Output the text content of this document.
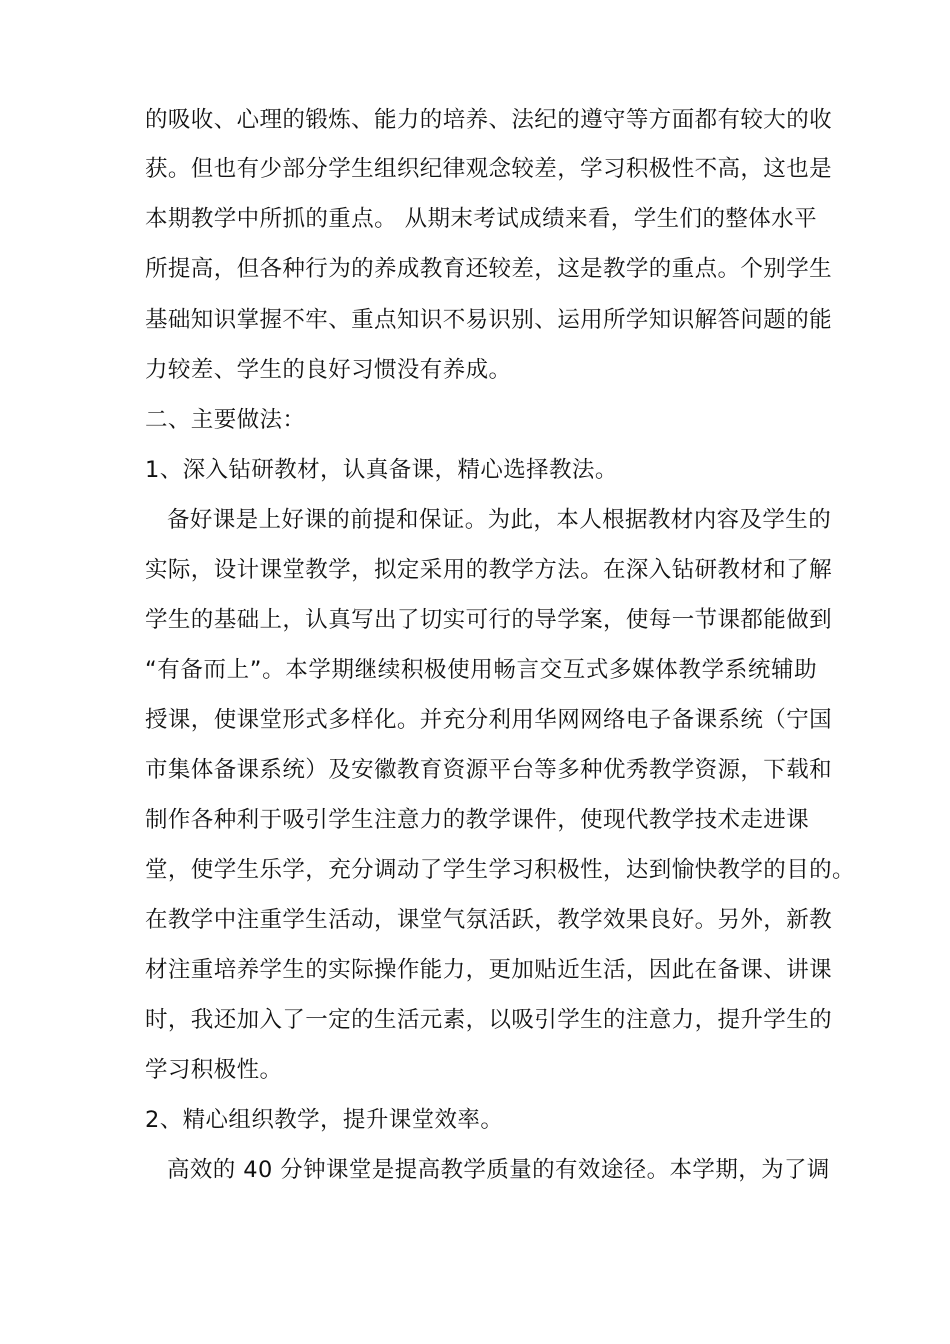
的吸收、心理的锻炼、能力的培养、法纪的遵守等方面都有较大的收
获。但也有少部分学生组织纪律观念较差，学习积极性不高，这也是
本期教学中所抓的重点。 从期末考试成绩来看，学生们的整体水平
所提高，但各种行为的养成教育还较差，这是教学的重点。个别学生
基础知识掌握不牢、重点知识不易识别、运用所学知识解答问题的能
力较差、学生的良好习惯没有养成。
二、主要做法：
1、深入钻研教材，认真备课，精心选择教法。
备好课是上好课的前提和保证。为此，本人根据教材内容及学生的
实际，设计课堂教学，拟定采用的教学方法。在深入钻研教材和了解
学生的基础上，认真写出了切实可行的导学案，使每一节课都能做到
“有备而上”。本学期继续积极使用畅言交互式多媒体教学系统辅助
授课，使课堂形式多样化。并充分利用华网网络电子备课系统（宁国
市集体备课系统）及安徽教育资源平台等多种优秀教学资源，下载和
制作各种利于吸引学生注意力的教学课件，使现代教学技术走进课
堂，使学生乐学，充分调动了学生学习积极性，达到愉快教学的目的。
在教学中注重学生活动，课堂气氛活跃，教学效果良好。另外，新教
材注重培养学生的实际操作能力，更加贴近生活，因此在备课、讲课
时，我还加入了一定的生活元素，以吸引学生的注意力，提升学生的
学习积极性。
2、精心组织教学，提升课堂效率。
高效的 40 分钟课堂是提高教学质量的有效途径。本学期，为了调
